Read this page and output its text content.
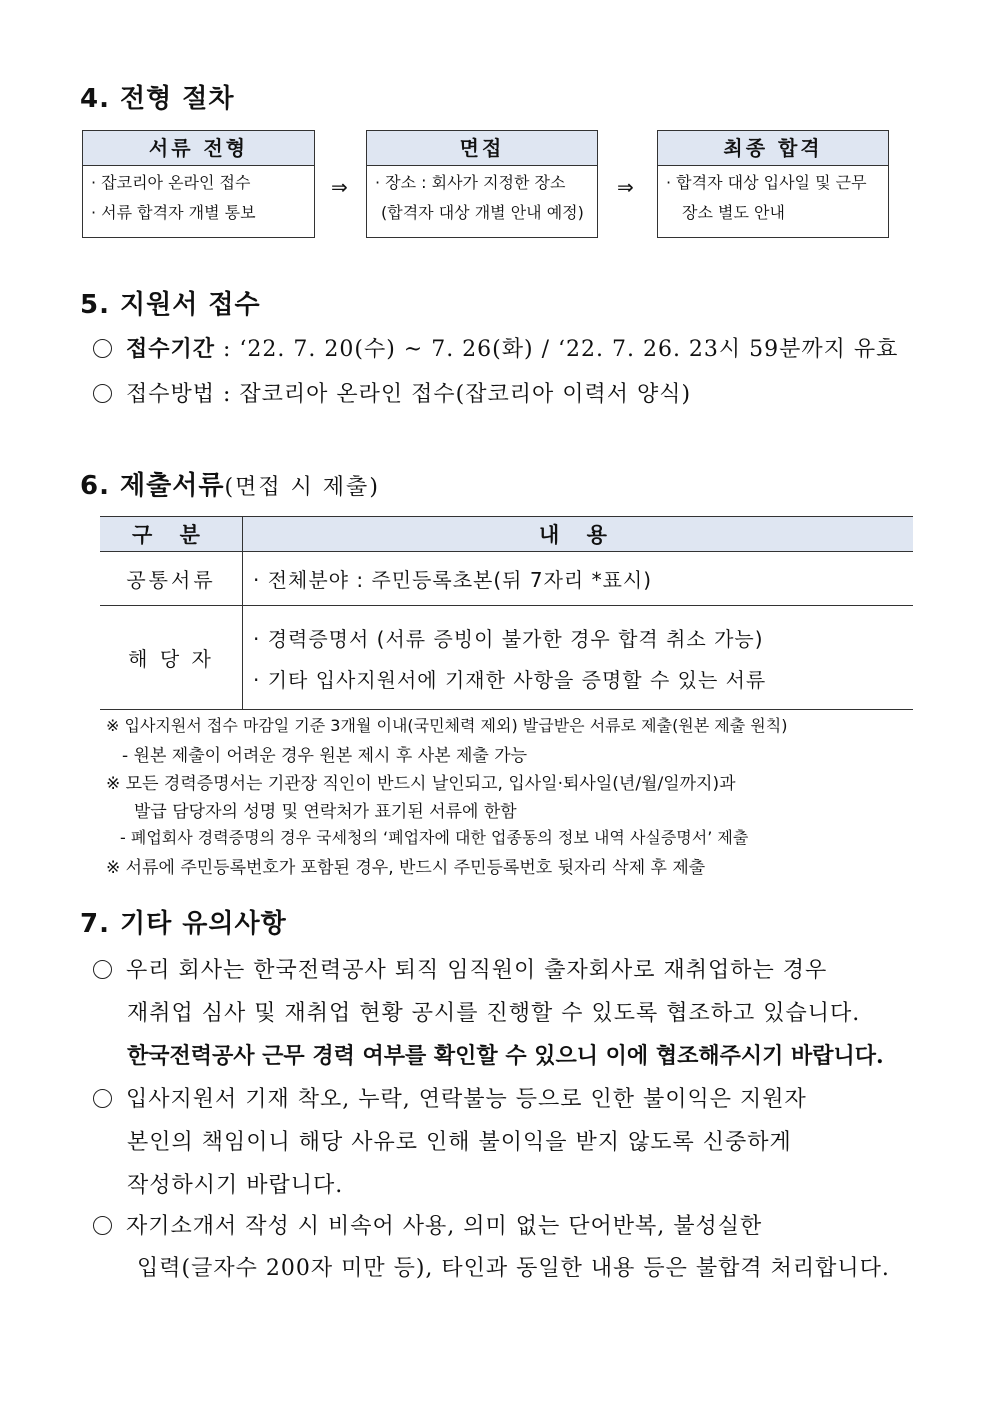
4. 전형 절차
서류 전형
· 잡코리아 온라인 접수
· 서류 합격자 개별 통보
⇒
면접
· 장소 : 회사가 지정한 장소
(합격자 대상 개별 안내 예정)
⇒
최종 합격
· 합격자 대상 입사일 및 근무
장소 별도 안내
5. 지원서 접수
접수기간 : ‘22. 7. 20(수) ~ 7. 26(화) / ‘22. 7. 26. 23시 59분까지 유효
접수방법 : 잡코리아 온라인 접수(잡코리아 이력서 양식)
6. 제출서류(면접 시 제출)
구 분	내 용
공통서류 · 전체분야 : 주민등록초본(뒤 7자리 *표시)
해 당 자
· 경력증명서 (서류 증빙이 불가한 경우 합격 취소 가능)
· 기타 입사지원서에 기재한 사항을 증명할 수 있는 서류
※ 입사지원서 접수 마감일 기준 3개월 이내(국민체력 제외) 발급받은 서류로 제출(원본 제출 원칙)
- 원본 제출이 어려운 경우 원본 제시 후 사본 제출 가능
※ 모든 경력증명서는 기관장 직인이 반드시 날인되고, 입사일·퇴사일(년/월/일까지)과
발급 담당자의 성명 및 연락처가 표기된 서류에 한함
- 폐업회사 경력증명의 경우 국세청의 ‘폐업자에 대한 업종동의 정보 내역 사실증명서’ 제출
※ 서류에 주민등록번호가 포함된 경우, 반드시 주민등록번호 뒷자리 삭제 후 제출
7. 기타 유의사항
우리 회사는 한국전력공사 퇴직 임직원이 출자회사로 재취업하는 경우
재취업 심사 및 재취업 현황 공시를 진행할 수 있도록 협조하고 있습니다.
한국전력공사 근무 경력 여부를 확인할 수 있으니 이에 협조해주시기 바랍니다.
입사지원서 기재 착오, 누락, 연락불능 등으로 인한 불이익은 지원자
본인의 책임이니 해당 사유로 인해 불이익을 받지 않도록 신중하게
작성하시기 바랍니다.
자기소개서 작성 시 비속어 사용, 의미 없는 단어반복, 불성실한
입력(글자수 200자 미만 등), 타인과 동일한 내용 등은 불합격 처리합니다.
